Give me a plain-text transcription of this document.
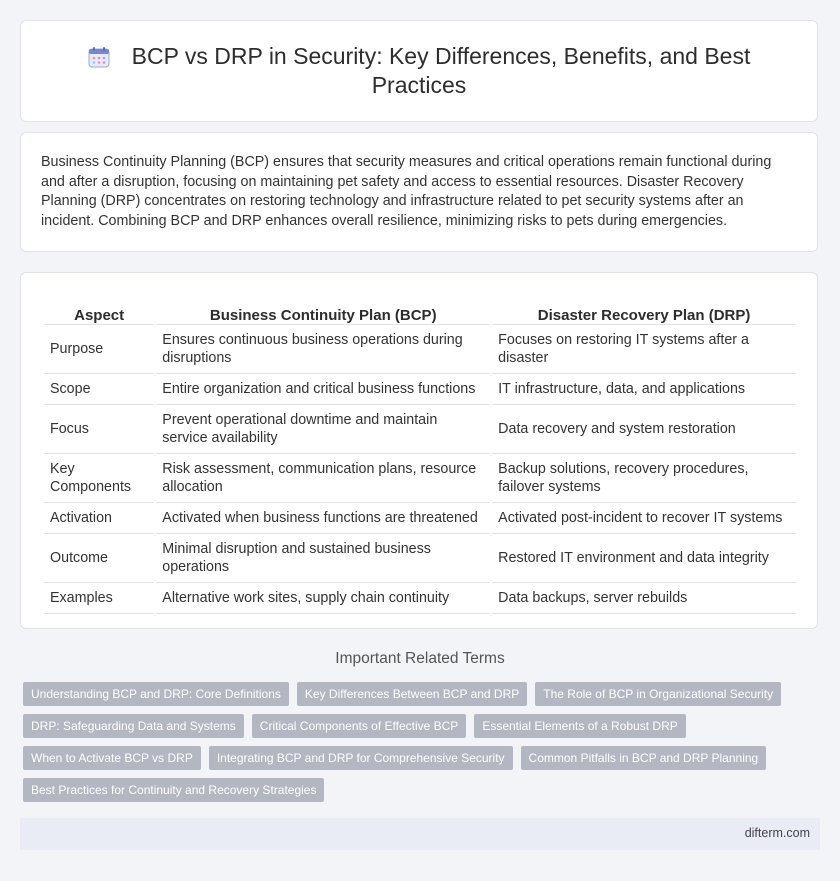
BCP vs DRP in Security: Key Differences, Benefits, and Best Practices
Business Continuity Planning (BCP) ensures that security measures and critical operations remain functional during and after a disruption, focusing on maintaining pet safety and access to essential resources. Disaster Recovery Planning (DRP) concentrates on restoring technology and infrastructure related to pet security systems after an incident. Combining BCP and DRP enhances overall resilience, minimizing risks to pets during emergencies.
Aspect	Business Continuity Plan (BCP)	Disaster Recovery Plan (DRP)
Purpose	Ensures continuous business operations during disruptions	Focuses on restoring IT systems after a disaster
Scope	Entire organization and critical business functions	IT infrastructure, data, and applications
Focus	Prevent operational downtime and maintain service availability	Data recovery and system restoration
Key Components	Risk assessment, communication plans, resource allocation	Backup solutions, recovery procedures, failover systems
Activation	Activated when business functions are threatened	Activated post-incident to recover IT systems
Outcome	Minimal disruption and sustained business operations	Restored IT environment and data integrity
Examples	Alternative work sites, supply chain continuity	Data backups, server rebuilds
Important Related Terms
Understanding BCP and DRP: Core Definitions	Key Differences Between BCP and DRP	The Role of BCP in Organizational Security
DRP: Safeguarding Data and Systems	Critical Components of Effective BCP	Essential Elements of a Robust DRP
When to Activate BCP vs DRP	Integrating BCP and DRP for Comprehensive Security	Common Pitfalls in BCP and DRP Planning
Best Practices for Continuity and Recovery Strategies
difterm.com
